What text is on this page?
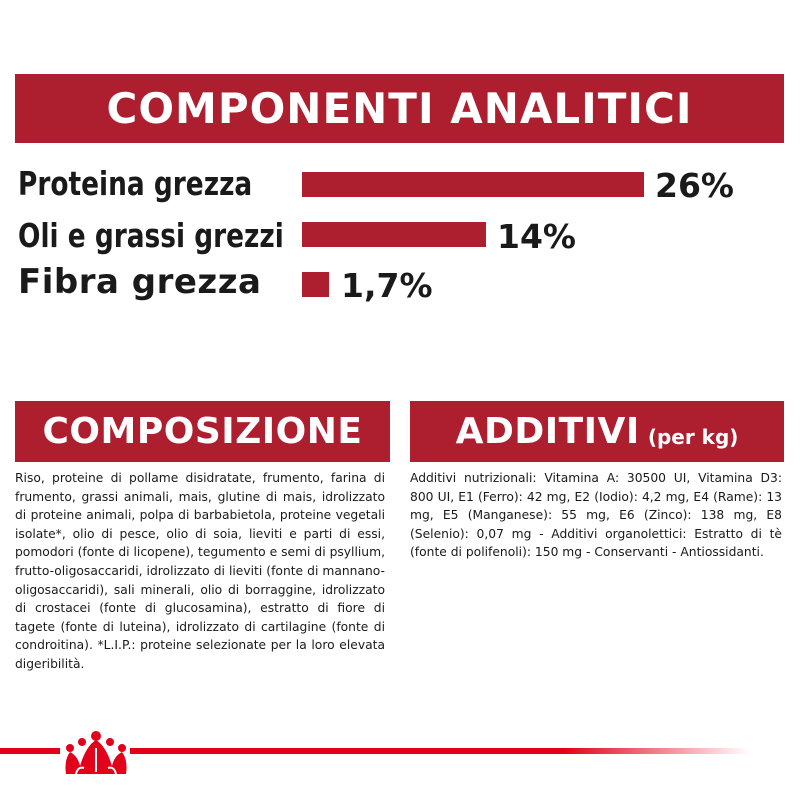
COMPONENTI ANALITICI
Proteina grezza	26%
Oli e grassi grezzi	14%
Fibra grezza 1,7%
COMPOSIZIONE
Riso, proteine di pollame disidratate, frumento, farina di frumento, grassi animali, mais, glutine di mais, idrolizzato di proteine animali, polpa di barbabietola, proteine vegetali isolate*, olio di pesce, olio di soia, lieviti e parti di essi, pomodori (fonte di licopene), tegumento e semi di psyllium, frutto-oligosaccaridi, idrolizzato di lieviti (fonte di mannano-oligosaccaridi), sali minerali, olio di borraggine, idrolizzato di crostacei (fonte di glucosamina), estratto di fiore di tagete (fonte di luteina), idrolizzato di cartilagine (fonte di condroitina). *L.I.P.: proteine selezionate per la loro elevata digeribilità.
ADDITIVI (per kg)
Additivi nutrizionali: Vitamina A: 30500 UI, Vitamina D3: 800 UI, E1 (Ferro): 42 mg, E2 (Iodio): 4,2 mg, E4 (Rame): 13 mg, E5 (Manganese): 55 mg, E6 (Zinco): 138 mg, E8 (Selenio): 0,07 mg - Additivi organolettici: Estratto di tè (fonte di polifenoli): 150 mg - Conservanti - Antiossidanti.
